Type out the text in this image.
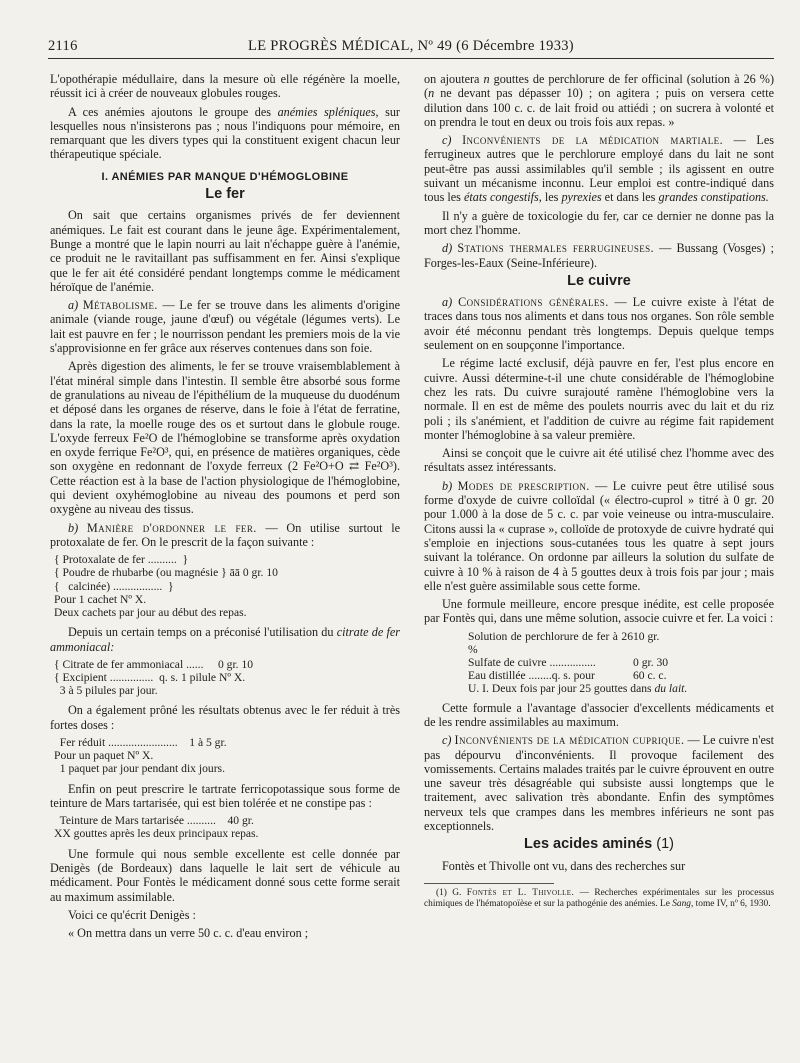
2116	LE PROGRÈS MÉDICAL, Nº 49 (6 Décembre 1933)

L'opothérapie médullaire, dans la mesure où elle régénère la moelle, réussit ici à créer de nouveaux globules rouges.

A ces anémies ajoutons le groupe des anémies spléniques, sur lesquelles nous n'insisterons pas ; nous l'indiquons pour mémoire, en remarquant que les divers types qui la constituent exigent chacun leur thérapeutique spéciale.

I. ANÉMIES PAR MANQUE D'HÉMOGLOBINE
Le fer

On sait que certains organismes privés de fer deviennent anémiques. Le fait est courant dans le jeune âge. Expérimentalement, Bunge a montré que le lapin nourri au lait n'échappe guère à l'anémie, ce produit ne le ravitaillant pas suffisamment en fer. Ainsi s'explique que le fer ait été considéré pendant longtemps comme le médicament héroïque de l'anémie.

a) Métabolisme. — Le fer se trouve dans les aliments d'origine animale (viande rouge, jaune d'œuf) ou végétale (légumes verts). Le lait est pauvre en fer ; le nourrisson pendant les premiers mois de la vie s'approvisionne en fer grâce aux réserves contenues dans son foie.

Après digestion des aliments, le fer se trouve vraisemblablement à l'état minéral simple dans l'intestin. Il semble être absorbé sous forme de granulations au niveau de l'épithélium de la muqueuse du duodénum et déposé dans les organes de réserve, dans le foie à l'état de ferratine, dans la rate, la moelle rouge des os et surtout dans le globule rouge. L'oxyde ferreux Fe²O de l'hémoglobine se transforme après oxydation en oxyde ferrique Fe²O³, qui, en présence de matières organiques, cède son oxygène en redonnant de l'oxyde ferreux (2 Fe²O+O ⇄ Fe²O³). Cette réaction est à la base de l'action physiologique de l'hémoglobine, qui devient oxyhémoglobine au niveau des poumons et perd son oxygène au niveau des tissus.

b) Manière d'ordonner le fer. — On utilise surtout le protoxalate de fer. On le prescrit de la façon suivante :

{ Protoxalate de fer ..........  }
{ Poudre de rhubarbe (ou magnésie } āā 0 gr. 10
{   calcinée) .................  }
Pour 1 cachet Nº X.
Deux cachets par jour au début des repas.

Depuis un certain temps on a préconisé l'utilisation du citrate de fer ammoniacal:

{ Citrate de fer ammoniacal ......     0 gr. 10
{ Excipient ...............  q. s. 1 pilule Nº X.
3 à 5 pilules par jour.

On a également prôné les résultats obtenus avec le fer réduit à très fortes doses :

Fer réduit ........................    1 à 5 gr.
Pour un paquet Nº X.
1 paquet par jour pendant dix jours.

Enfin on peut prescrire le tartrate ferricopotassique sous forme de teinture de Mars tartarisée, qui est bien tolérée et ne constipe pas :

Teinture de Mars tartarisée ..........    40 gr.
XX gouttes après les deux principaux repas.

Une formule qui nous semble excellente est celle donnée par Denigès (de Bordeaux) dans laquelle le lait sert de véhicule au médicament. Pour Fontès le médicament donné sous cette forme serait au maximum assimilable.

Voici ce qu'écrit Denigès :

« On mettra dans un verre 50 c. c. d'eau environ ;

on ajoutera n gouttes de perchlorure de fer officinal (solution à 26 %) (n ne devant pas dépasser 10) ; on agitera ; puis on versera cette dilution dans 100 c. c. de lait froid ou attiédi ; on sucrera à volonté et on prendra le tout en deux ou trois fois aux repas. »

c) Inconvénients de la médication martiale. — Les ferrugineux autres que le perchlorure employé dans du lait ne sont peut-être pas aussi assimilables qu'il semble ; ils agissent en outre suivant un mécanisme inconnu. Leur emploi est contre-indiqué dans tous les états congestifs, les pyrexies et dans les grandes constipations.

Il n'y a guère de toxicologie du fer, car ce dernier ne donne pas la mort chez l'homme.

d) Stations thermales ferrugineuses. — Bussang (Vosges) ; Forges-les-Eaux (Seine-Inférieure).

Le cuivre

a) Considérations générales. — Le cuivre existe à l'état de traces dans tous nos aliments et dans tous nos organes. Son rôle semble avoir été méconnu pendant très longtemps. Depuis quelque temps seulement on en soupçonne l'importance.

Le régime lacté exclusif, déjà pauvre en fer, l'est plus encore en cuivre. Aussi détermine-t-il une chute considérable de l'hémoglobine chez les rats. Du cuivre surajouté ramène l'hémoglobine vers la normale. Il en est de même des poulets nourris avec du lait et du riz poli ; ils s'anémient, et l'addition de cuivre au régime fait rapidement monter l'hémoglobine à sa valeur première.

Ainsi se conçoit que le cuivre ait été utilisé chez l'homme avec des résultats assez intéressants.

b) Modes de prescription. — Le cuivre peut être utilisé sous forme d'oxyde de cuivre colloïdal (« électro-cuprol » titré à 0 gr. 20 pour 1.000 à la dose de 5 c. c. par voie veineuse ou intra-musculaire. Citons aussi la « cuprase », colloïde de protoxyde de cuivre hydraté qui s'emploie en injections sous-cutanées tous les quatre à sept jours suivant la tolérance. On ordonne par ailleurs la solution du sulfate de cuivre à 10 % à raison de 4 à 5 gouttes deux à trois fois par jour ; mais elle n'est guère assimilable sous cette forme.

Une formule meilleure, encore presque inédite, est celle proposée par Fontès qui, dans une même solution, associe cuivre et fer. La voici :

Solution de perchlorure de fer à 26 %
10 gr.
Sulfate de cuivre ................	0 gr. 30
Eau distillée ........q. s. pour	60 c. c.
U. I. Deux fois par jour 25 gouttes dans du lait.

Cette formule a l'avantage d'associer d'excellents médicaments et de les rendre assimilables au maximum.

c) Inconvénients de la médication cuprique. — Le cuivre n'est pas dépourvu d'inconvénients. Il provoque facilement des vomissements. Certains malades traités par le cuivre éprouvent en outre une saveur très désagréable qui subsiste aussi longtemps que le traitement, avec salivation très abondante. Enfin des symptômes nerveux tels que crampes dans les membres inférieurs ne sont pas exceptionnels.

Les acides aminés (1)

Fontès et Thivolle ont vu, dans des recherches sur

(1) G. Fontès et L. Thivolle. — Recherches expérimentales sur les processus chimiques de l'hématopoïèse et sur la pathogénie des anémies. Le Sang, tome IV, nº 6, 1930.
